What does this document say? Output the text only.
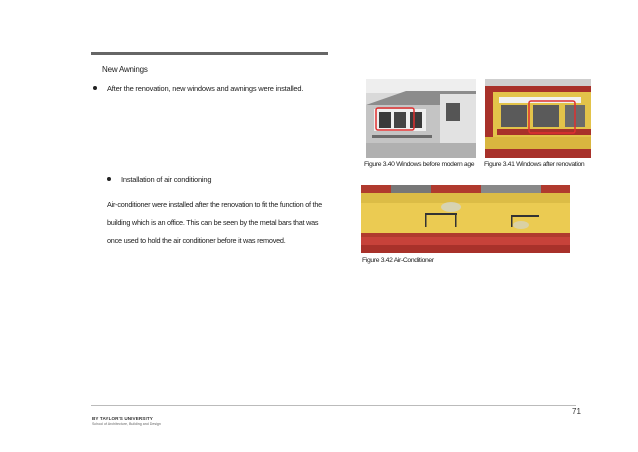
New Awnings
After the renovation, new windows and awnings were installed.
Installation of air conditioning
Air-conditioner were installed after the renovation to fit the function of the building which is an office. This can be seen by the metal bars that was once used to hold the air conditioner before it was removed.
Figure 3.40 Windows before modern age	Figure 3.41 Windows after renovation
Figure 3.42 Air-Conditioner
71
BY TAYLOR'S UNIVERSITY
School of Architecture, Building and Design
